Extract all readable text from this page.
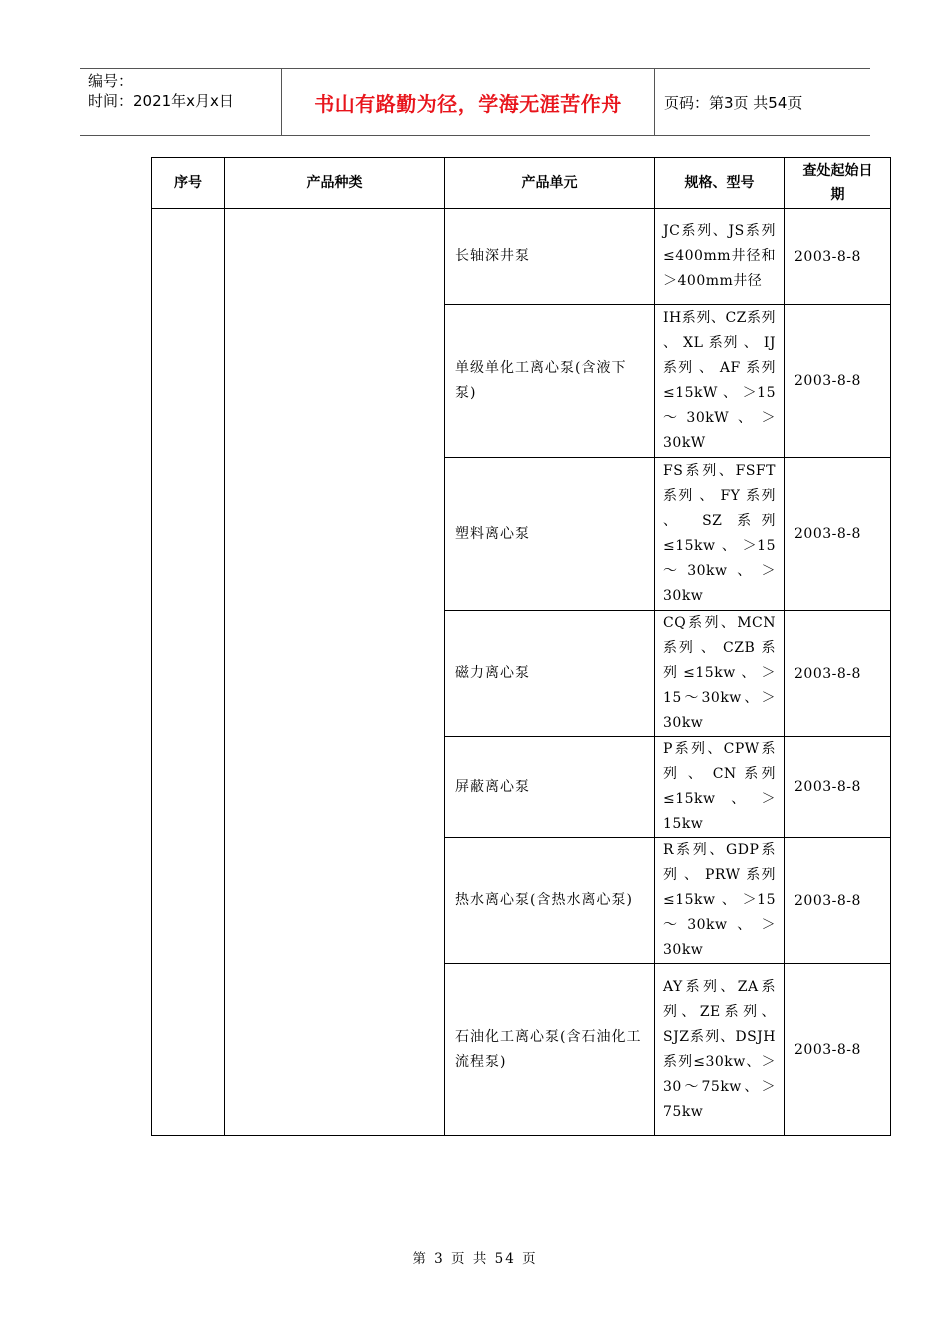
编号：
时间：2021年x月x日	书山有路勤为径，学海无涯苦作舟	页码：第3页 共54页
序号	产品种类	产品单元	规格、型号	查处起始日期
		长轴深井泵	JC系列、JS系列≤400mm井径和＞400mm井径	2003-8-8
		单级单化工离心泵(含液下泵)	IH系列、CZ系列 、 XL 系列 、 IJ 系列 、 AF 系列≤15kW、＞15～30kW、＞30kW	2003-8-8
		塑料离心泵	FS系列、FSFT系列 、 FY 系列 、 SZ 系列≤15kw、＞15～30kw、＞30kw	2003-8-8
		磁力离心泵	CQ系列、MCN系列 、 CZB 系列≤15kw、＞15～30kw、＞30kw	2003-8-8
		屏蔽离心泵	P系列、CPW系列 、 CN 系列≤15kw、＞15kw	2003-8-8
		热水离心泵(含热水离心泵)	R系列、GDP系列 、 PRW 系列≤15kw、＞15～30kw、＞30kw	2003-8-8
		石油化工离心泵(含石油化工流程泵)	AY系列、ZA系列、ZE系列、SJZ系列、DSJH系列≤30kw、＞30～75kw、＞75kw	2003-8-8
第 3 页 共 54 页
